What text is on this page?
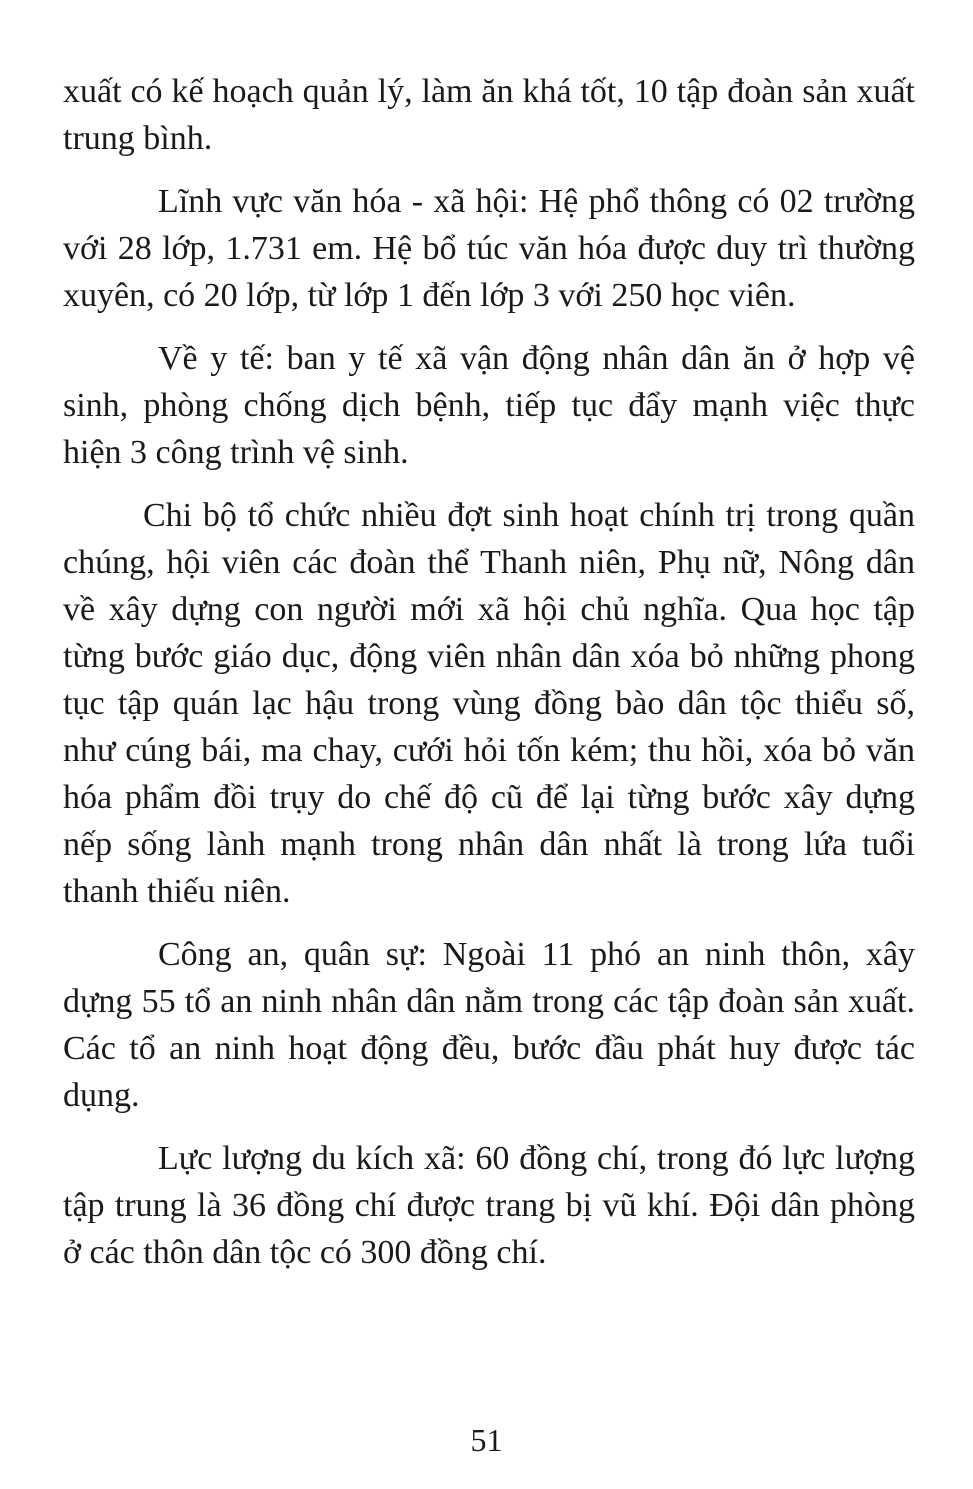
xuất có kế hoạch quản lý, làm ăn khá tốt, 10 tập đoàn sản xuất trung bình.

Lĩnh vực văn hóa - xã hội: Hệ phổ thông có 02 trường với 28 lớp, 1.731 em. Hệ bổ túc văn hóa được duy trì thường xuyên, có 20 lớp, từ lớp 1 đến lớp 3 với 250 học viên.

Về y tế: ban y tế xã vận động nhân dân ăn ở hợp vệ sinh, phòng chống dịch bệnh, tiếp tục đẩy mạnh việc thực hiện 3 công trình vệ sinh.

Chi bộ tổ chức nhiều đợt sinh hoạt chính trị trong quần chúng, hội viên các đoàn thể Thanh niên, Phụ nữ, Nông dân về xây dựng con người mới xã hội chủ nghĩa. Qua học tập từng bước giáo dục, động viên nhân dân xóa bỏ những phong tục tập quán lạc hậu trong vùng đồng bào dân tộc thiểu số, như cúng bái, ma chay, cưới hỏi tốn kém; thu hồi, xóa bỏ văn hóa phẩm đồi trụy do chế độ cũ để lại từng bước xây dựng nếp sống lành mạnh trong nhân dân nhất là trong lứa tuổi thanh thiếu niên.

Công an, quân sự: Ngoài 11 phó an ninh thôn, xây dựng 55 tổ an ninh nhân dân nằm trong các tập đoàn sản xuất. Các tổ an ninh hoạt động đều, bước đầu phát huy được tác dụng.

Lực lượng du kích xã: 60 đồng chí, trong đó lực lượng tập trung là 36 đồng chí được trang bị vũ khí. Đội dân phòng ở các thôn dân tộc có 300 đồng chí.

51
